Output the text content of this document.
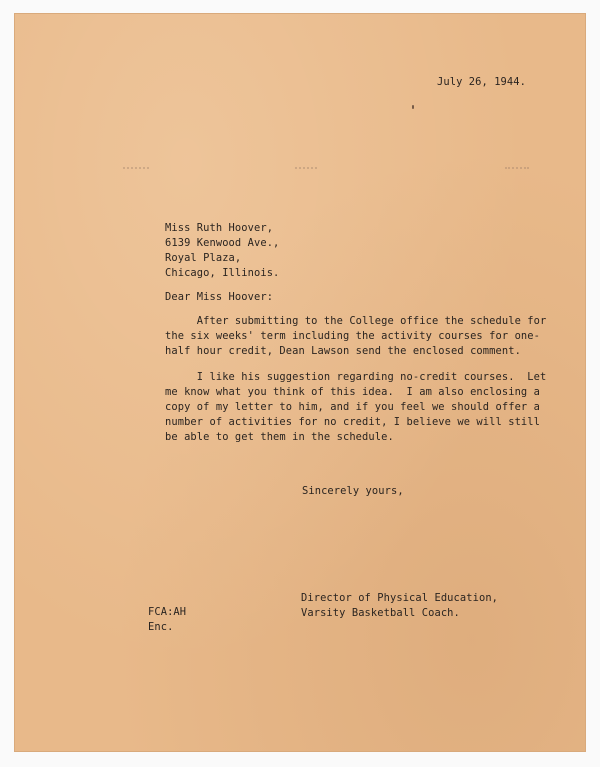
July 26, 1944.
Miss Ruth Hoover,
6139 Kenwood Ave.,
Royal Plaza,
Chicago, Illinois.
Dear Miss Hoover:
After submitting to the College office the schedule for
the six weeks' term including the activity courses for one-
half hour credit, Dean Lawson send the enclosed comment.
I like his suggestion regarding no-credit courses.  Let
me know what you think of this idea.  I am also enclosing a
copy of my letter to him, and if you feel we should offer a
number of activities for no credit, I believe we will still
be able to get them in the schedule.
Sincerely yours,
Director of Physical Education,
Varsity Basketball Coach.
FCA:AH
Enc.
